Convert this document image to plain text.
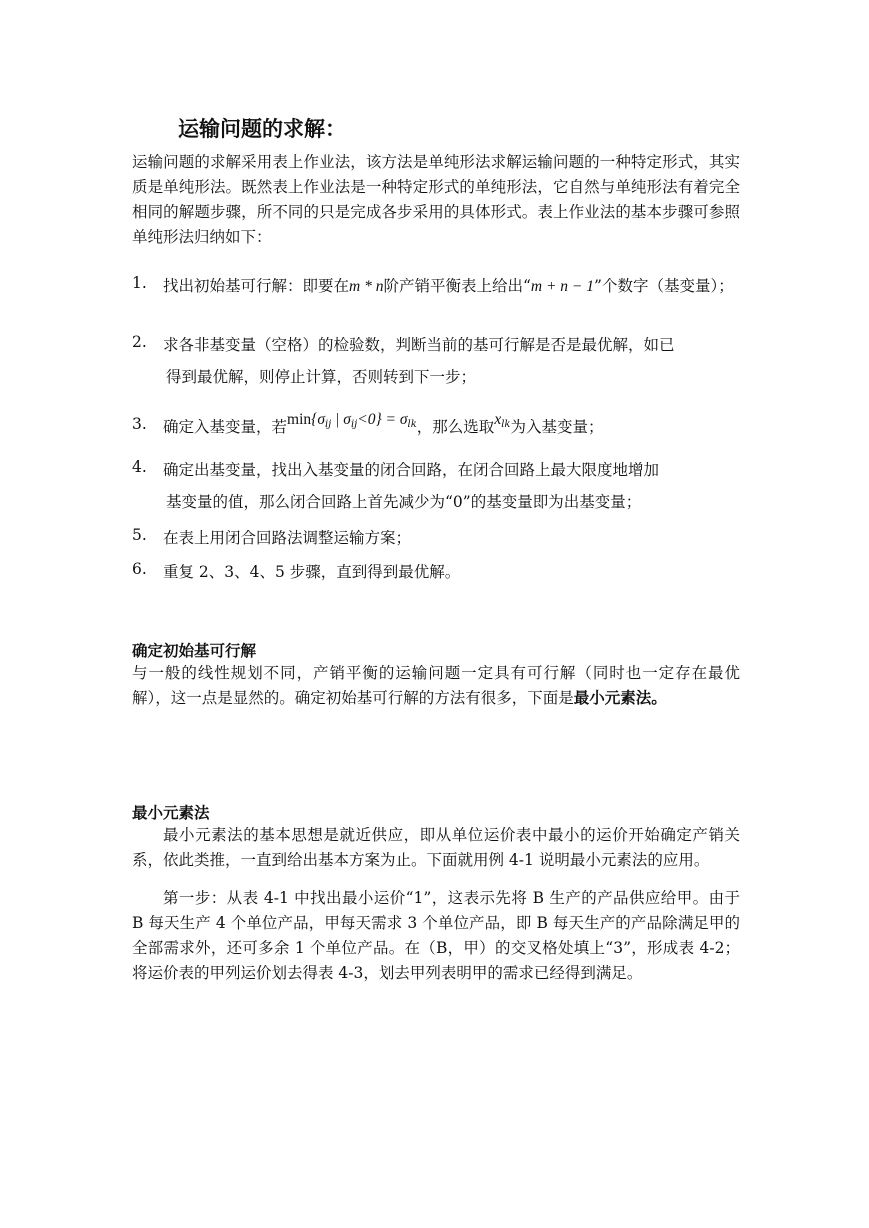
运输问题的求解：
运输问题的求解采用表上作业法，该方法是单纯形法求解运输问题的一种特定形式，其实质是单纯形法。既然表上作业法是一种特定形式的单纯形法，它自然与单纯形法有着完全相同的解题步骤，所不同的只是完成各步采用的具体形式。表上作业法的基本步骤可参照单纯形法归纳如下：
1.	找出初始基可行解：即要在m * n阶产销平衡表上给出“m + n − 1”个数字（基变量）；
2.	求各非基变量（空格）的检验数，判断当前的基可行解是否是最优解，如已
得到最优解，则停止计算，否则转到下一步；
3.	确定入基变量，若$\min\{\sigma_{ij}$ | $\sigma_{ij}<0\} = \sigma_{lk}$，那么选取$x_{lk}$为入基变量；
4.	确定出基变量，找出入基变量的闭合回路，在闭合回路上最大限度地增加
基变量的值，那么闭合回路上首先减少为“0”的基变量即为出基变量；
5.	在表上用闭合回路法调整运输方案；
6.	重复 2、3、4、5 步骤，直到得到最优解。
确定初始基可行解
与一般的线性规划不同，产销平衡的运输问题一定具有可行解（同时也一定存在最优解），这一点是显然的。确定初始基可行解的方法有很多，下面是最小元素法。
最小元素法
最小元素法的基本思想是就近供应，即从单位运价表中最小的运价开始确定产销关系，依此类推，一直到给出基本方案为止。下面就用例 4-1 说明最小元素法的应用。
第一步：从表 4-1 中找出最小运价“1”，这表示先将 B 生产的产品供应给甲。由于 B 每天生产 4 个单位产品，甲每天需求 3 个单位产品，即 B 每天生产的产品除满足甲的全部需求外，还可多余 1 个单位产品。在（B，甲）的交叉格处填上“3”，形成表 4-2；将运价表的甲列运价划去得表 4-3，划去甲列表明甲的需求已经得到满足。
